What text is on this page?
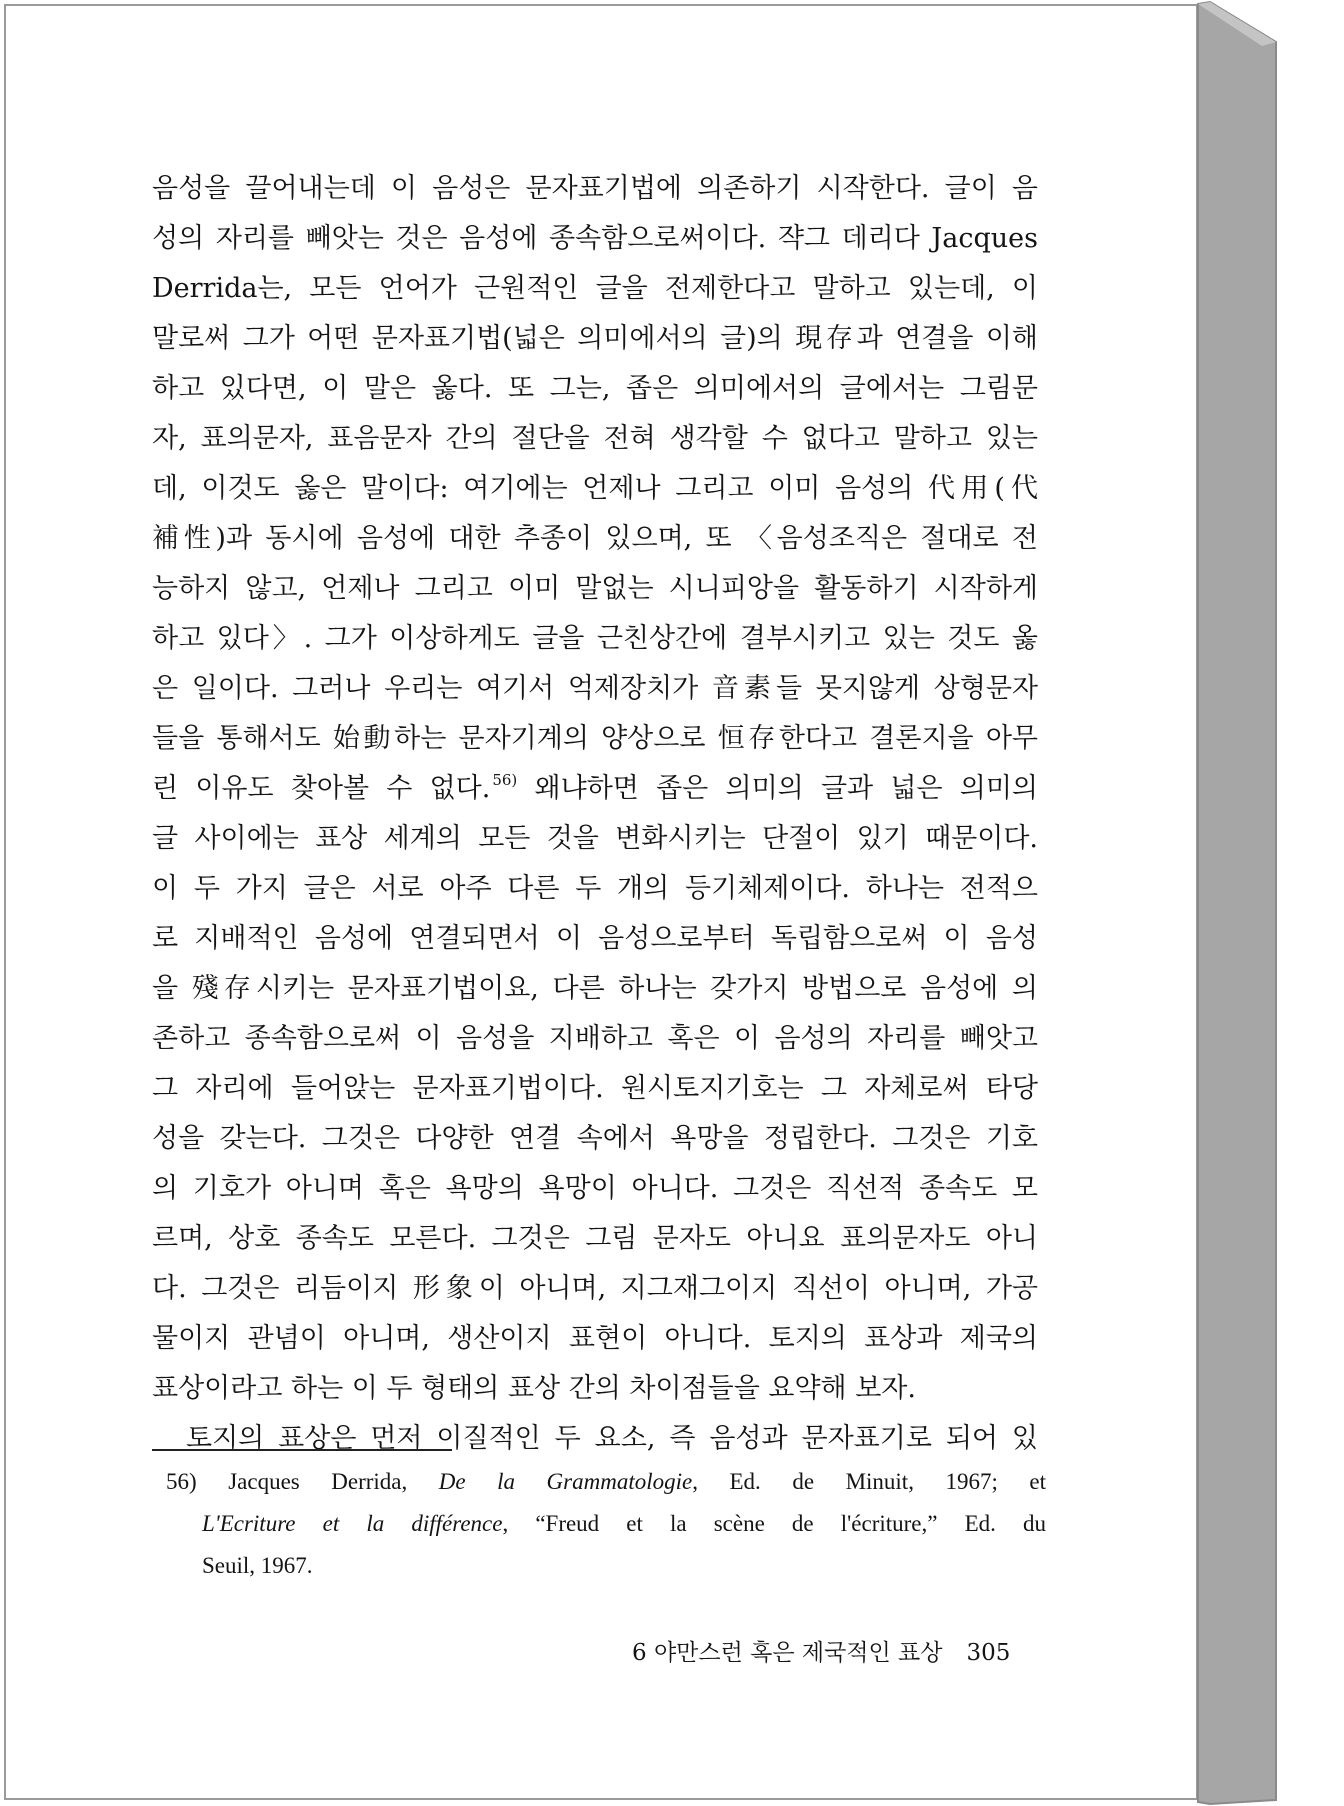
음성을 끌어내는데 이 음성은 문자표기법에 의존하기 시작한다. 글이 음
성의 자리를 빼앗는 것은 음성에 종속함으로써이다. 쟉그 데리다 Jacques
Derrida는, 모든 언어가 근원적인 글을 전제한다고 말하고 있는데, 이
말로써 그가 어떤 문자표기법(넓은 의미에서의 글)의 現存과 연결을 이해
하고 있다면, 이 말은 옳다. 또 그는, 좁은 의미에서의 글에서는 그림문
자, 표의문자, 표음문자 간의 절단을 전혀 생각할 수 없다고 말하고 있는
데, 이것도 옳은 말이다: 여기에는 언제나 그리고 이미 음성의 代用(代
補性)과 동시에 음성에 대한 추종이 있으며, 또 〈음성조직은 절대로 전
능하지 않고, 언제나 그리고 이미 말없는 시니피앙을 활동하기 시작하게
하고 있다〉. 그가 이상하게도 글을 근친상간에 결부시키고 있는 것도 옳
은 일이다. 그러나 우리는 여기서 억제장치가 音素들 못지않게 상형문자
들을 통해서도 始動하는 문자기계의 양상으로 恒存한다고 결론지을 아무
린 이유도 찾아볼 수 없다. $^{56)}$ 왜냐하면 좁은 의미의 글과 넓은 의미의
글 사이에는 표상 세계의 모든 것을 변화시키는 단절이 있기 때문이다.
이 두 가지 글은 서로 아주 다른 두 개의 등기체제이다. 하나는 전적으
로 지배적인 음성에 연결되면서 이 음성으로부터 독립함으로써 이 음성
을 殘存시키는 문자표기법이요, 다른 하나는 갖가지 방법으로 음성에 의
존하고 종속함으로써 이 음성을 지배하고 혹은 이 음성의 자리를 빼앗고
그 자리에 들어앉는 문자표기법이다. 원시토지기호는 그 자체로써 타당
성을 갖는다. 그것은 다양한 연결 속에서 욕망을 정립한다. 그것은 기호
의 기호가 아니며 혹은 욕망의 욕망이 아니다. 그것은 직선적 종속도 모
르며, 상호 종속도 모른다. 그것은 그림 문자도 아니요 표의문자도 아니
다. 그것은 리듬이지 形象이 아니며, 지그재그이지 직선이 아니며, 가공
물이지 관념이 아니며, 생산이지 표현이 아니다. 토지의 표상과 제국의
표상이라고 하는 이 두 형태의 표상 간의 차이점들을 요약해 보자.
토지의 표상은 먼저 이질적인 두 요소, 즉 음성과 문자표기로 되어 있
56) Jacques Derrida, De la Grammatologie, Ed. de Minuit, 1967; et
L'Ecriture et la différence, “Freud et la scène de l'écriture,” Ed. du
Seuil, 1967.
6 야만스런 혹은 제국적인 표상 305
